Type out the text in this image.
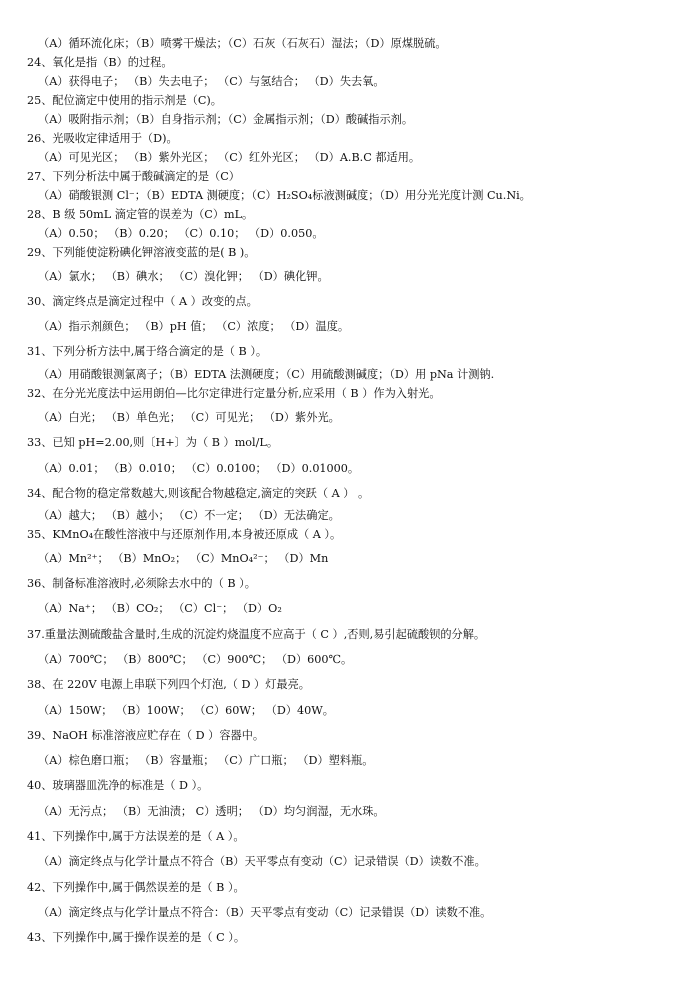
（A）循环流化床；（B）喷雾干燥法；（C）石灰（石灰石）湿法；（D）原煤脱硫。
24、氧化是指（B）的过程。
（A）获得电子； （B）失去电子； （C）与氢结合； （D）失去氧。
25、配位滴定中使用的指示剂是（C)。
（A）吸附指示剂；（B）自身指示剂；（C）金属指示剂；（D）酸碱指示剂。
26、光吸收定律适用于（D)。
（A）可见光区； （B）紫外光区； （C）红外光区； （D）A.B.C 都适用。
27、下列分析法中属于酸碱滴定的是（C）
（A）硝酸银测 Cl⁻；（B）EDTA 测硬度；（C）H₂SO₄标液测碱度；（D）用分光光度计测 Cu.Ni。
28、B 级 50mL 滴定管的误差为（C）mL。
（A）0.50； （B）0.20； （C）0.10； （D）0.050。
29、下列能使淀粉碘化钾溶液变蓝的是( B )。
（A）氯水； （B）碘水； （C）溴化钾； （D）碘化钾。
30、滴定终点是滴定过程中（ A ）改变的点。
（A）指示剂颜色； （B）pH 值； （C）浓度； （D）温度。
31、下列分析方法中,属于络合滴定的是（ B ）。
（A）用硝酸银测氯离子；（B）EDTA 法测硬度；（C）用硫酸测碱度；（D）用 pNa 计测钠.
32、在分光光度法中运用朗伯—比尔定律进行定量分析,应采用（ B ）作为入射光。
（A）白光； （B）单色光； （C）可见光； （D）紫外光。
33、已知 pH=2.00,则〔H+〕为（ B ）mol/L。
（A）0.01； （B）0.010； （C）0.0100； （D）0.01000。
34、配合物的稳定常数越大,则该配合物越稳定,滴定的突跃（ A ） 。
（A）越大； （B）越小； （C）不一定； （D）无法确定。
35、KMnO₄在酸性溶液中与还原剂作用,本身被还原成（ A ）。
（A）Mn²⁺； （B）MnO₂； （C）MnO₄²⁻； （D）Mn
36、制备标准溶液时,必须除去水中的（ B ）。
（A）Na⁺； （B）CO₂； （C）Cl⁻； （D）O₂
37.重量法测硫酸盐含量时,生成的沉淀灼烧温度不应高于（ C ）,否则,易引起硫酸钡的分解。
（A）700℃； （B）800℃； （C）900℃； （D）600℃。
38、在 220V 电源上串联下列四个灯泡,（ D ）灯最亮。
（A）150W； （B）100W； （C）60W； （D）40W。
39、NaOH 标准溶液应贮存在（ D ）容器中。
（A）棕色磨口瓶； （B）容量瓶； （C）广口瓶； （D）塑料瓶。
40、玻璃器皿洗净的标准是（ D ）。
（A）无污点； （B）无油渍； C）透明； （D）均匀润湿，无水珠。
41、下列操作中,属于方法误差的是（ A ）。
（A）滴定终点与化学计量点不符合（B）天平零点有变动（C）记录错误（D）读数不准。
42、下列操作中,属于偶然误差的是（ B ）。
（A）滴定终点与化学计量点不符合：（B）天平零点有变动（C）记录错误（D）读数不准。
43、下列操作中,属于操作误差的是（ C ）。
